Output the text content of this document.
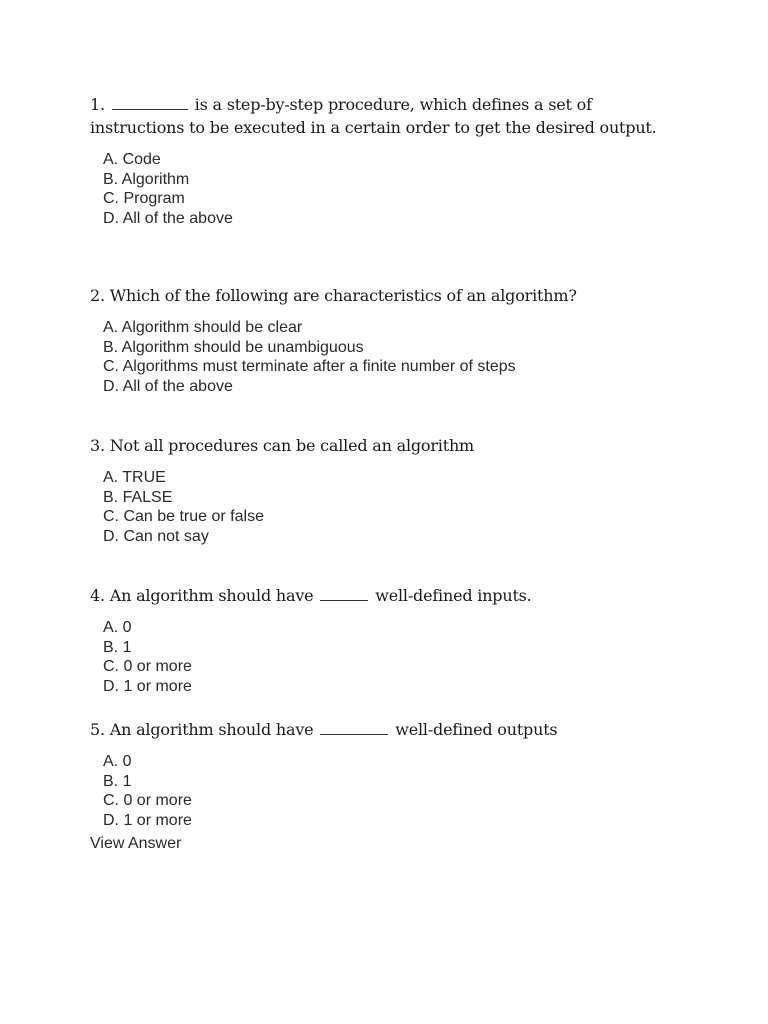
1.	is a step-by-step procedure, which defines a set of
instructions to be executed in a certain order to get the desired output.

A. Code
B. Algorithm
C. Program
D. All of the above

2. Which of the following are characteristics of an algorithm?

A. Algorithm should be clear
B. Algorithm should be unambiguous
C. Algorithms must terminate after a finite number of steps
D. All of the above

3. Not all procedures can be called an algorithm

A. TRUE
B. FALSE
C. Can be true or false
D. Can not say

4. An algorithm should have	well-defined inputs.

A. 0
B. 1
C. 0 or more
D. 1 or more

5. An algorithm should have	well-defined outputs

A. 0
B. 1
C. 0 or more
D. 1 or more
View Answer
